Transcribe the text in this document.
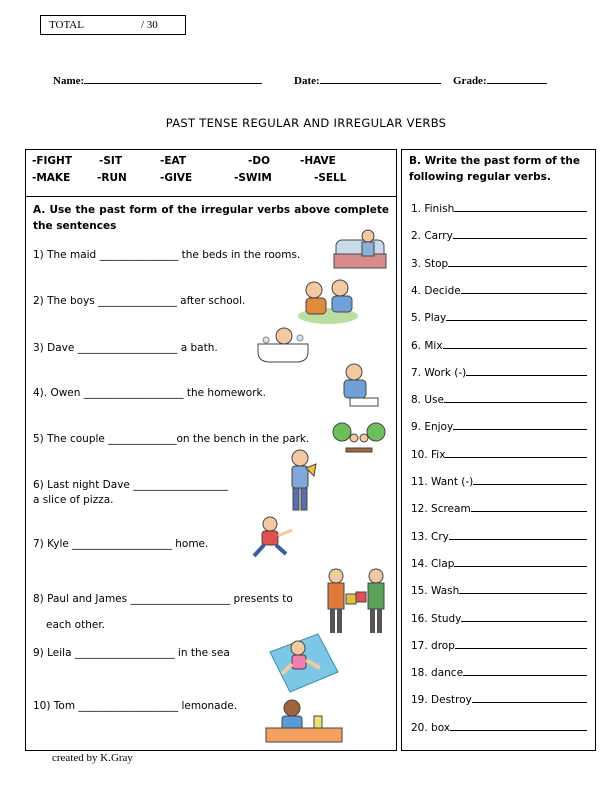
TOTAL	/ 30
Name:	Date:	Grade:
PAST TENSE REGULAR AND IRREGULAR VERBS
-FIGHT	-SIT	-EAT	-DO	-HAVE
-MAKE	-RUN	-GIVE	-SWIM	-SELL
A. Use the past form of the irregular verbs above complete the sentences
1) The maid _______________ the beds in the rooms.
2) The boys _______________ after school.
3) Dave ___________________ a bath.
4). Owen ___________________ the homework.
5) The couple _____________on the bench in the park.
6) Last night Dave __________________
a slice of pizza.
7) Kyle ___________________ home.
8) Paul and James ___________________ presents to
each other.
9) Leila ___________________ in the sea
10) Tom ___________________ lemonade.
B. Write the past form of the following regular verbs.
1. Finish
2. Carry
3. Stop
4. Decide
5. Play
6. Mix
7. Work (-)
8. Use
9. Enjoy
10. Fix
11. Want (-)
12. Scream
13. Cry
14. Clap
15. Wash
16. Study
17. drop
18. dance
19. Destroy
20. box
created by K.Gray
